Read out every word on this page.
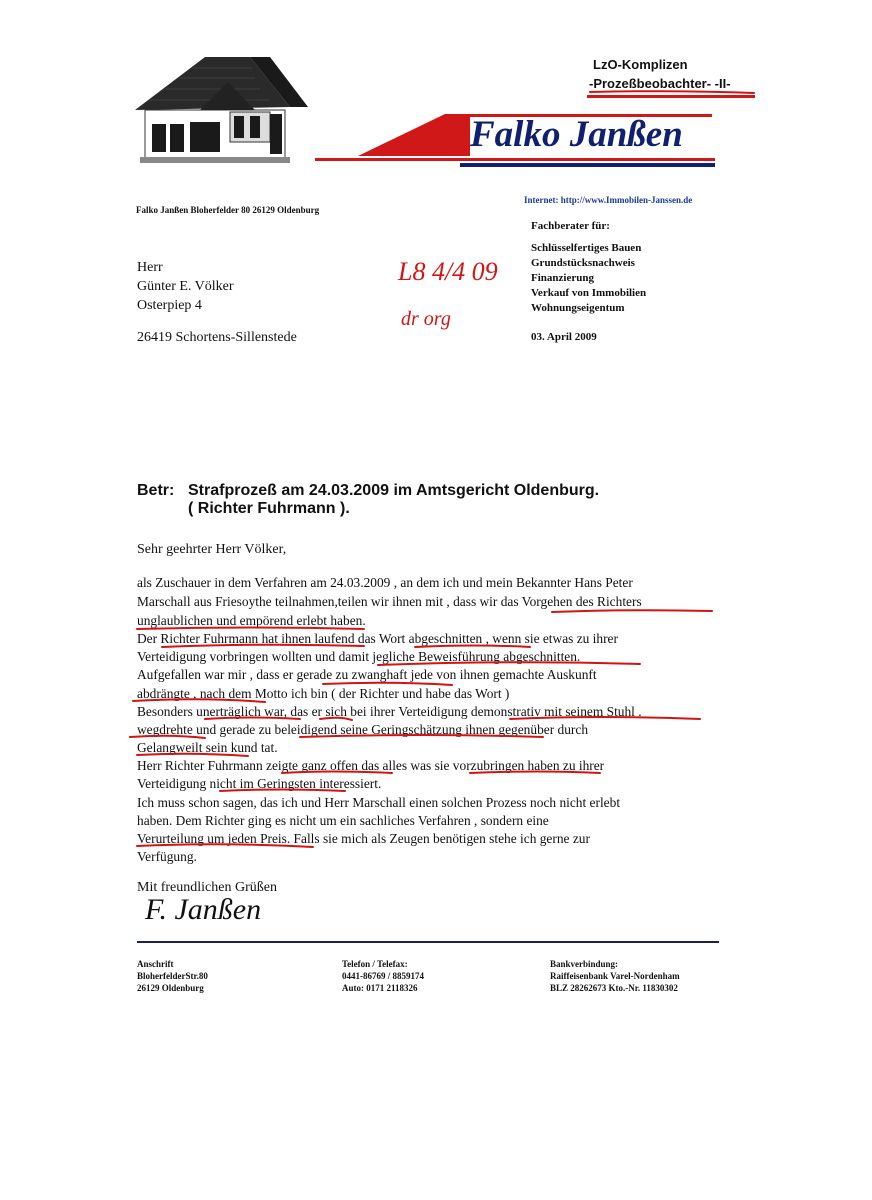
LzO-Komplizen
-Prozeßbeobachter- -II-
Falko Janßen
Falko Janßen Bloherfelder 80 26129 Oldenburg
Internet: http://www.Immobilen-Janssen.de
Fachberater für:
Schlüsselfertiges Bauen
Grundstücksnachweis
Finanzierung
Verkauf von Immobilien
Wohnungseigentum
03. April 2009
Herr
Günter E. Völker
Osterpiep 4
26419 Schortens-Sillenstede
L8 4/4 09
dr org
Betr: Strafprozeß am 24.03.2009 im Amtsgericht Oldenburg.
( Richter Fuhrmann ).
Sehr geehrter Herr Völker,
als Zuschauer in dem Verfahren am 24.03.2009 , an dem ich und mein Bekannter Hans Peter
Marschall aus Friesoythe teilnahmen,teilen wir ihnen mit , dass wir das Vorgehen des Richters
unglaublichen und empörend erlebt haben.
Der Richter Fuhrmann hat ihnen laufend das Wort abgeschnitten , wenn sie etwas zu ihrer
Verteidigung vorbringen wollten und damit jegliche Beweisführung abgeschnitten.
Aufgefallen war mir , dass er gerade zu zwanghaft jede von ihnen gemachte Auskunft
abdrängte , nach dem Motto ich bin ( der Richter und habe das Wort )
Besonders unerträglich war, das er sich bei ihrer Verteidigung demonstrativ mit seinem Stuhl .
wegdrehte und gerade zu beleidigend seine Geringschätzung ihnen gegenüber durch
Gelangweilt sein kund tat.
Herr Richter Fuhrmann zeigte ganz offen das alles was sie vorzubringen haben zu ihrer
Verteidigung nicht im Geringsten interessiert.
Ich muss schon sagen, das ich und Herr Marschall einen solchen Prozess noch nicht erlebt
haben. Dem Richter ging es nicht um ein sachliches Verfahren , sondern eine
Verurteilung um jeden Preis. Falls sie mich als Zeugen benötigen stehe ich gerne zur
Verfügung.
Mit freundlichen Grüßen
F. Janßen
Anschrift
BloherfelderStr.80
26129 Oldenburg
Telefon / Telefax:
0441-86769 / 8859174
Auto: 0171 2118326
Bankverbindung:
Raiffeisenbank Varel-Nordenham
BLZ 28262673 Kto.-Nr. 11830302
